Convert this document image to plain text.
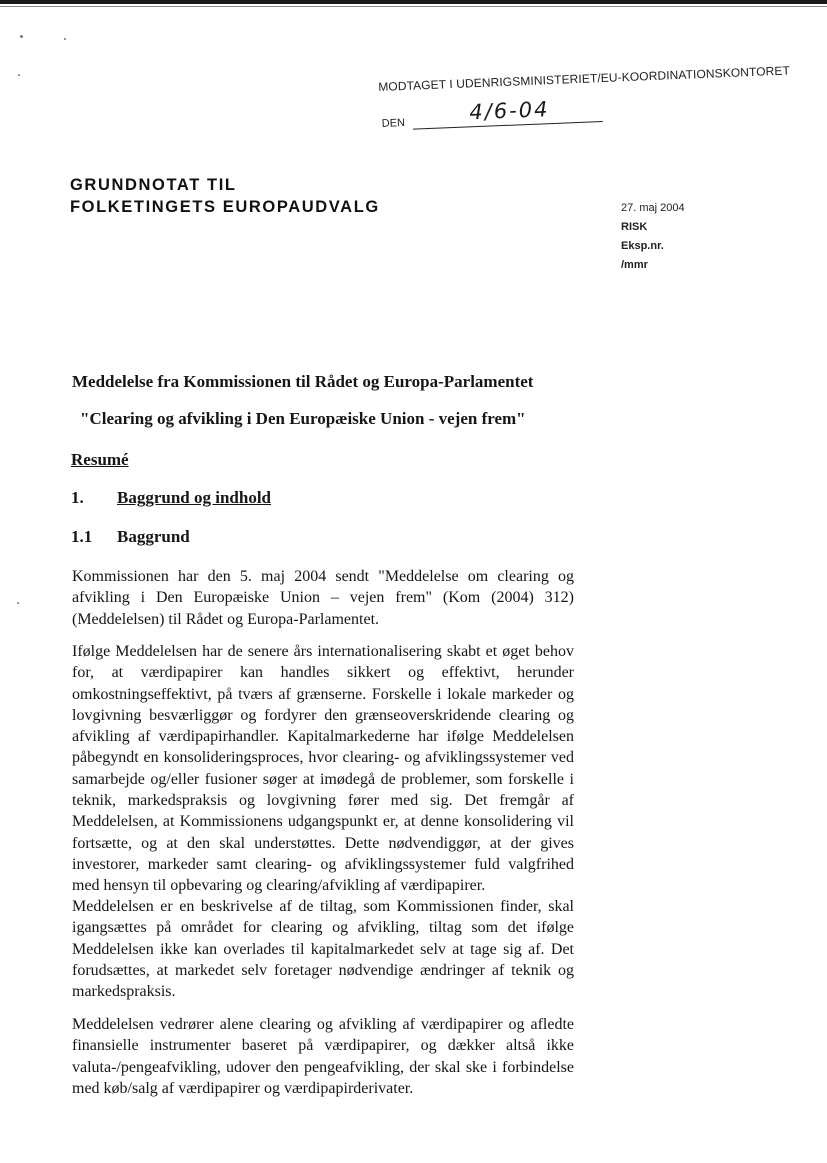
MODTAGET I UDENRIGSMINISTERIET/EU-KOORDINATIONSKONTORET
4/6-04
DEN
GRUNDNOTAT TIL
FOLKETINGETS EUROPAUDVALG	27. maj 2004
RISK
Eksp.nr.
/mmr
Meddelelse fra Kommissionen til Rådet og Europa-Parlamentet
"Clearing og afvikling i Den Europæiske Union - vejen frem"
Resumé
1. Baggrund og indhold
1.1 Baggrund

Kommissionen har den 5. maj 2004 sendt "Meddelelse om clearing og afvikling i Den Europæiske Union – vejen frem" (Kom (2004) 312) (Meddelelsen) til Rådet og Europa-Parlamentet.

Ifølge Meddelelsen har de senere års internationalisering skabt et øget behov for, at værdipapirer kan handles sikkert og effektivt, herunder omkostningseffektivt, på tværs af grænserne. Forskelle i lokale markeder og lovgivning besværliggør og fordyrer den grænseoverskridende clearing og afvikling af værdipapirhandler. Kapitalmarkederne har ifølge Meddelelsen påbegyndt en konsolideringsproces, hvor clearing- og afviklingssystemer ved samarbejde og/eller fusioner søger at imødegå de problemer, som forskelle i teknik, markedspraksis og lovgivning fører med sig. Det fremgår af Meddelelsen, at Kommissionens udgangspunkt er, at denne konsolidering vil fortsætte, og at den skal understøttes. Dette nødvendiggør, at der gives investorer, markeder samt clearing- og afviklingssystemer fuld valgfrihed med hensyn til opbevaring og clearing/afvikling af værdipapirer.

Meddelelsen er en beskrivelse af de tiltag, som Kommissionen finder, skal igangsættes på området for clearing og afvikling, tiltag som det ifølge Meddelelsen ikke kan overlades til kapitalmarkedet selv at tage sig af. Det forudsættes, at markedet selv foretager nødvendige ændringer af teknik og markedspraksis.

Meddelelsen vedrører alene clearing og afvikling af værdipapirer og afledte finansielle instrumenter baseret på værdipapirer, og dækker altså ikke valuta-/pengeafvikling, udover den pengeafvikling, der skal ske i forbindelse med køb/salg af værdipapirer og værdipapirderivater.
